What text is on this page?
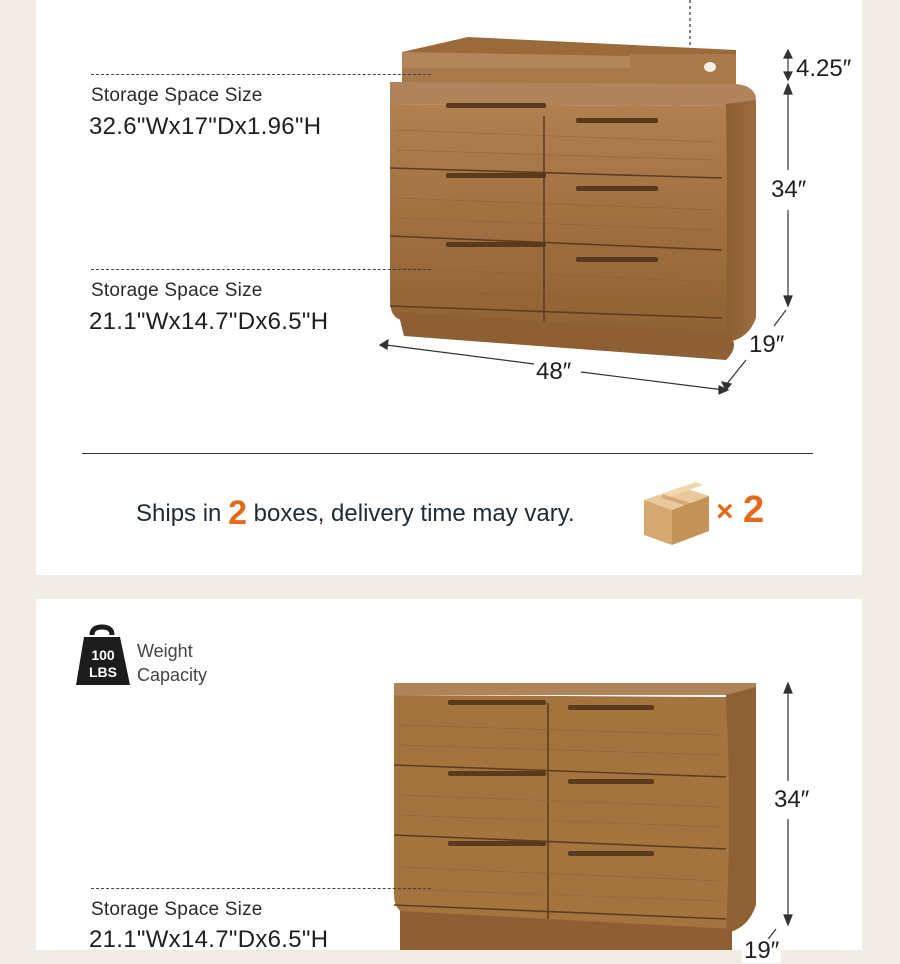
Storage Space Size
32.6"Wx17"Dx1.96"H
Storage Space Size
21.1"Wx14.7"Dx6.5"H
4.25″
34″
19″
48″
Ships in 2 boxes, delivery time may vary.	× 2
100
LBS
Weight
Capacity
34″
19″
Storage Space Size
21.1"Wx14.7"Dx6.5"H
